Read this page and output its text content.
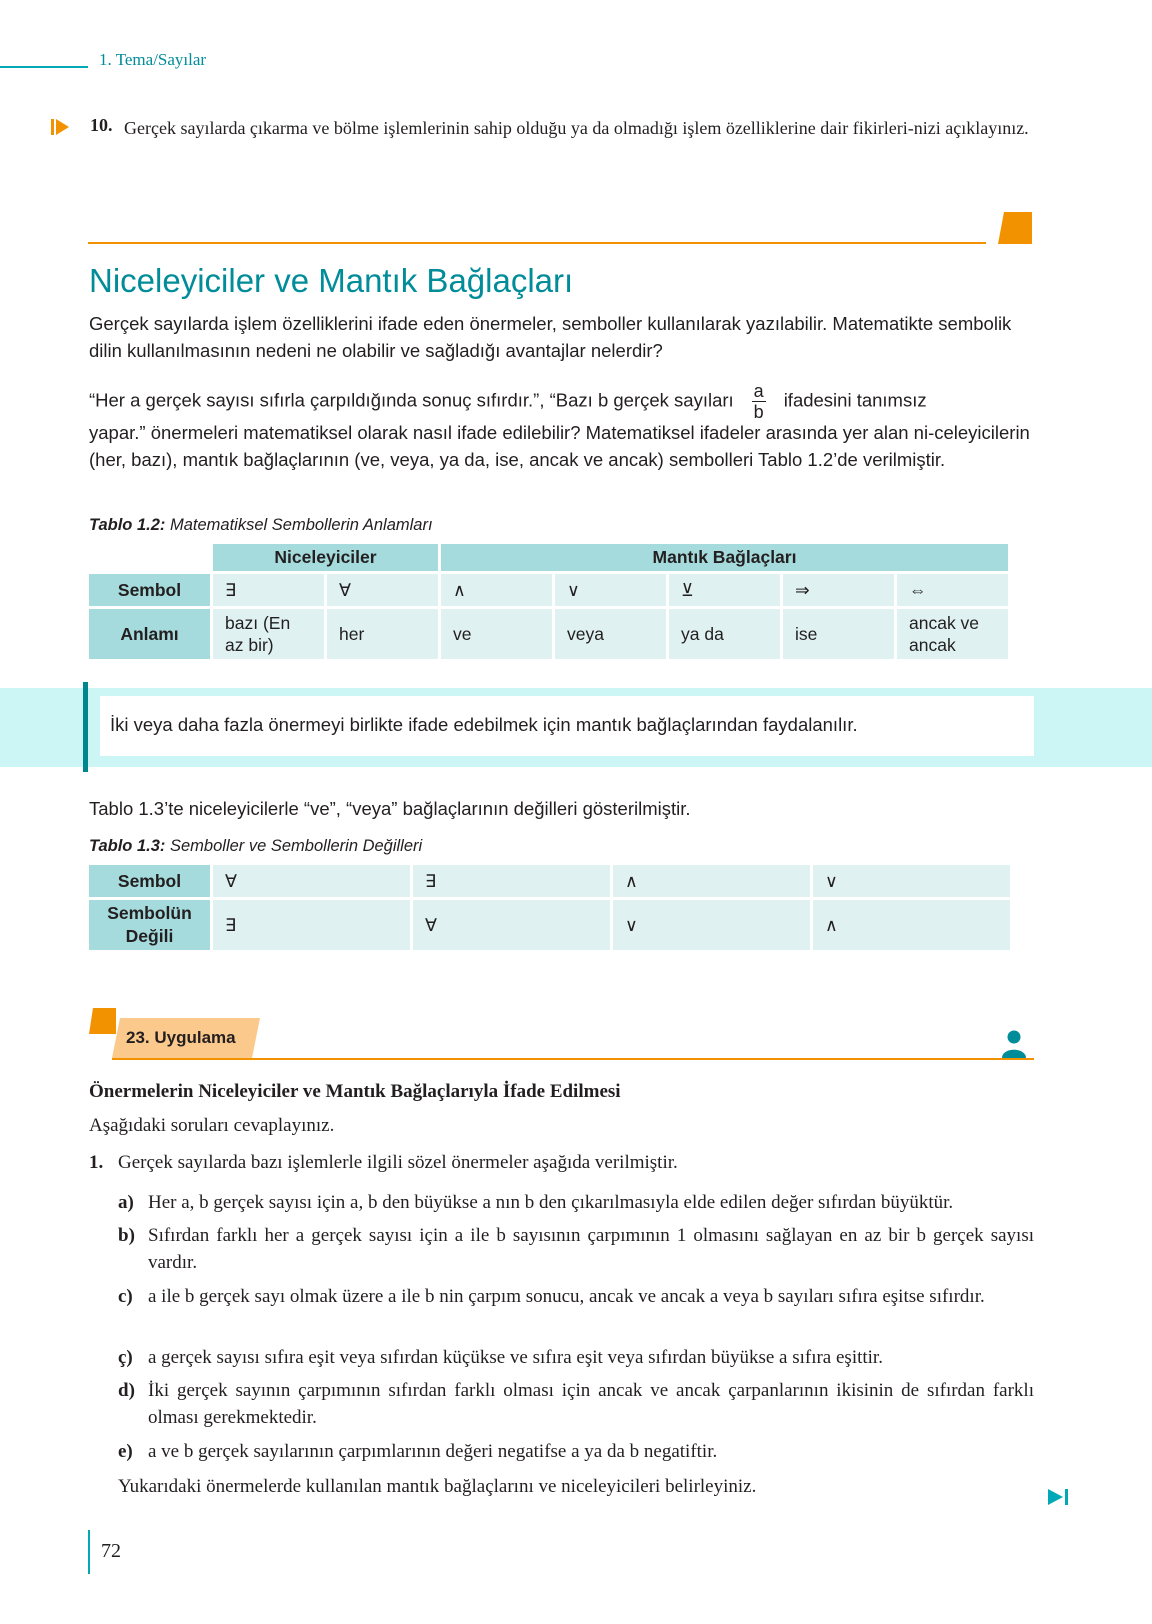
1. Tema/Sayılar
10. Gerçek sayılarda çıkarma ve bölme işlemlerinin sahip olduğu ya da olmadığı işlem özelliklerine dair fikirleri-nizi açıklayınız.
Niceleyiciler ve Mantık Bağlaçları
Gerçek sayılarda işlem özelliklerini ifade eden önermeler, semboller kullanılarak yazılabilir. Matematikte sembolik dilin kullanılmasının nedeni ne olabilir ve sağladığı avantajlar nelerdir?
“Her a gerçek sayısı sıfırla çarpıldığında sonuç sıfırdır.”, “Bazı b gerçek sayıları $\frac{a}{b}$ ifadesini tanımsız
yapar.” önermeleri matematiksel olarak nasıl ifade edilebilir? Matematiksel ifadeler arasında yer alan ni-celeyicilerin (her, bazı), mantık bağlaçlarının (ve, veya, ya da, ise, ancak ve ancak) sembolleri Tablo 1.2’de verilmiştir.
Tablo 1.2: Matematiksel Sembollerin Anlamları
	Niceleyiciler		Mantık Bağlaçları				
Sembol	∃	∀	∧	∨	⊻	⇒	⇔
Anlamı	bazı (En az bir)	her	ve	veya	ya da	ise	ancak ve ancak
İki veya daha fazla önermeyi birlikte ifade edebilmek için mantık bağlaçlarından faydalanılır.
Tablo 1.3’te niceleyicilerle “ve”, “veya” bağlaçlarının değilleri gösterilmiştir.
Tablo 1.3: Semboller ve Sembollerin Değilleri
Sembol	∀	∃	∧	∨
Sembolün Değili	∃	∀	∨	∧
23. Uygulama
Önermelerin Niceleyiciler ve Mantık Bağlaçlarıyla İfade Edilmesi
Aşağıdaki soruları cevaplayınız.
1. Gerçek sayılarda bazı işlemlerle ilgili sözel önermeler aşağıda verilmiştir.
a) Her a, b gerçek sayısı için a, b den büyükse a nın b den çıkarılmasıyla elde edilen değer sıfırdan büyüktür.
b) Sıfırdan farklı her a gerçek sayısı için a ile b sayısının çarpımının 1 olmasını sağlayan en az bir b gerçek sayısı vardır.
c) a ile b gerçek sayı olmak üzere a ile b nin çarpım sonucu, ancak ve ancak a veya b sayıları sıfıra eşitse sıfırdır.
ç) a gerçek sayısı sıfıra eşit veya sıfırdan küçükse ve sıfıra eşit veya sıfırdan büyükse a sıfıra eşittir.
d) İki gerçek sayının çarpımının sıfırdan farklı olması için ancak ve ancak çarpanlarının ikisinin de sıfırdan farklı olması gerekmektedir.
e) a ve b gerçek sayılarının çarpımlarının değeri negatifse a ya da b negatiftir.
Yukarıdaki önermelerde kullanılan mantık bağlaçlarını ve niceleyicileri belirleyiniz.
72
